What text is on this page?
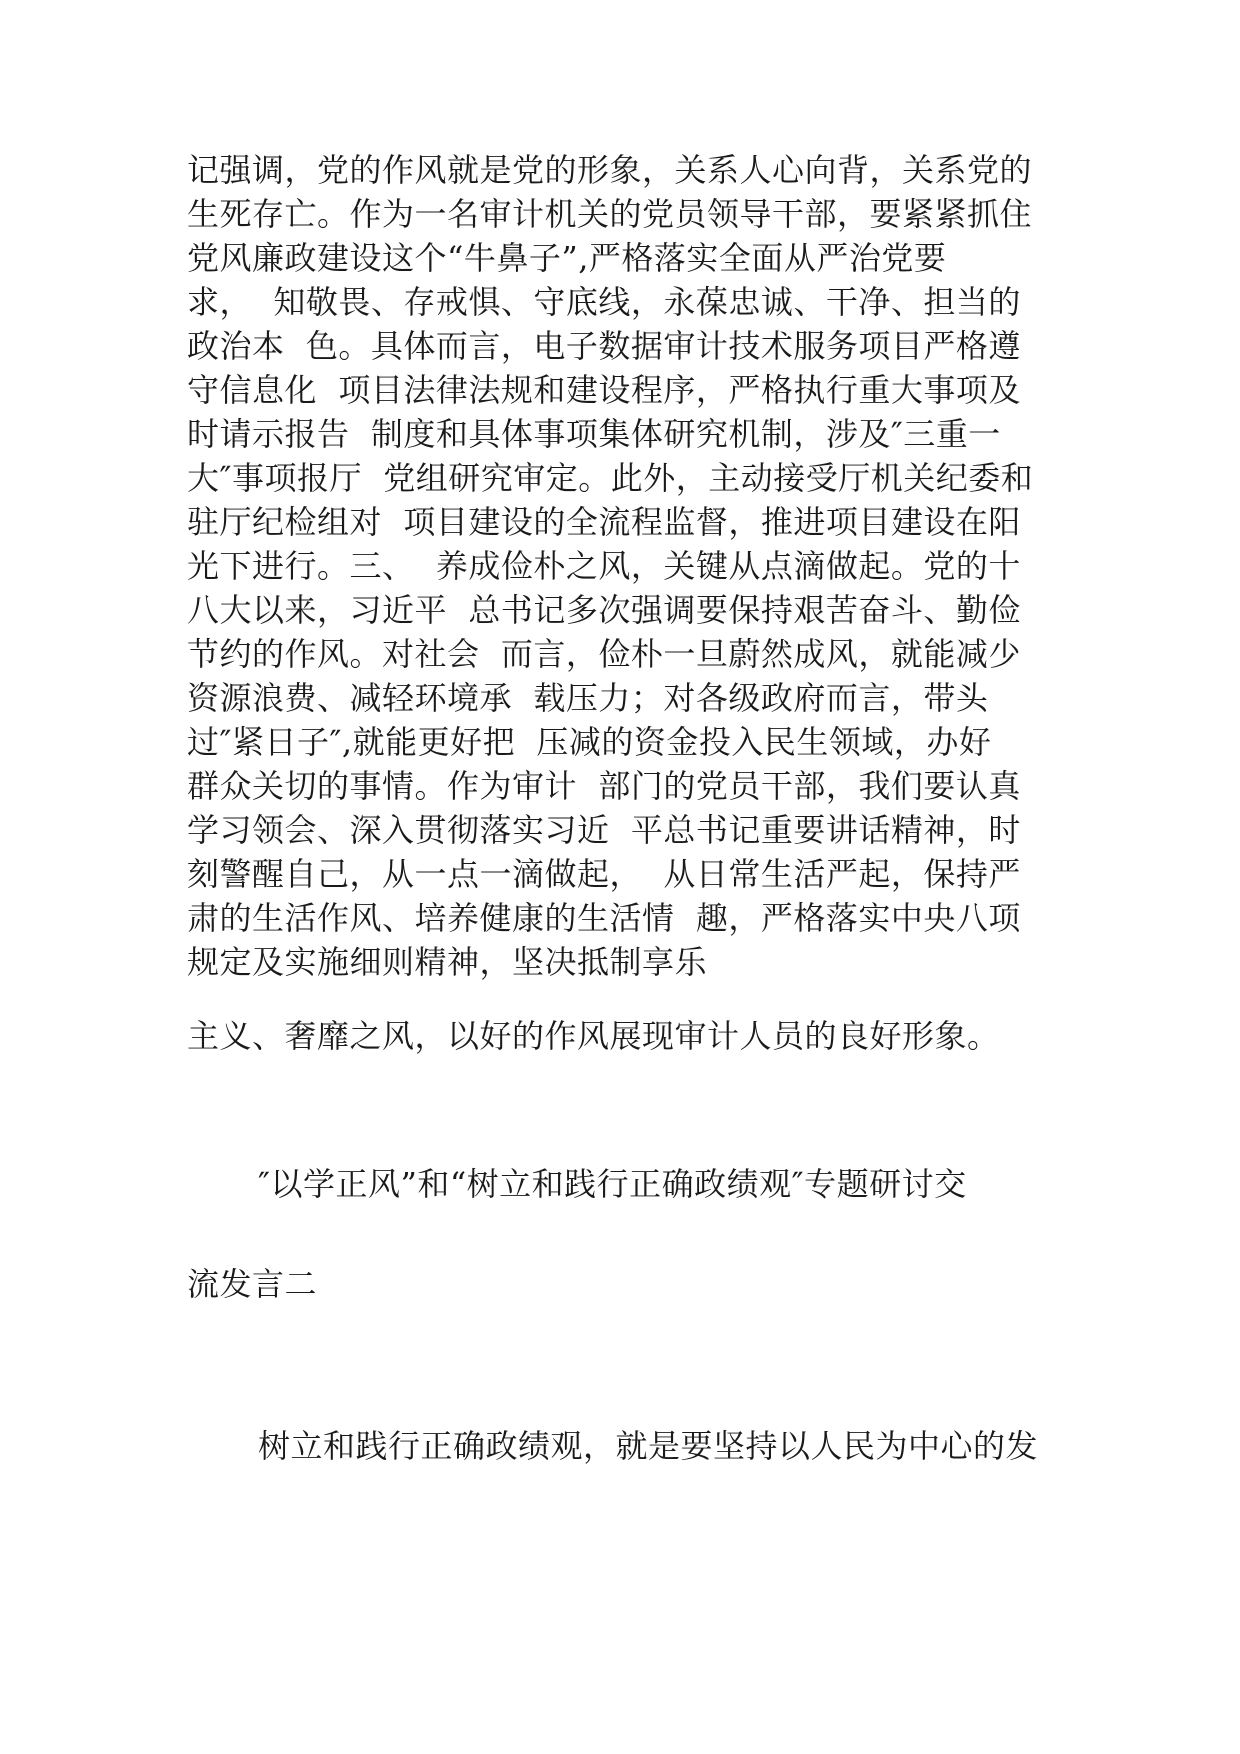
记强调，党的作风就是党的形象，关系人心向背，关系党的
生死存亡。作为一名审计机关的党员领导干部，要紧紧抓住
党风廉政建设这个“牛鼻子”,严格落实全面从严治党要
求，  知敬畏、存戒惧、守底线，永葆忠诚、干净、担当的
政治本  色。具体而言，电子数据审计技术服务项目严格遵
守信息化  项目法律法规和建设程序，严格执行重大事项及
时请示报告  制度和具体事项集体研究机制，涉及″三重一
大″事项报厅  党组研究审定。此外，主动接受厅机关纪委和
驻厅纪检组对  项目建设的全流程监督，推进项目建设在阳
光下进行。三、  养成俭朴之风，关键从点滴做起。党的十
八大以来，习近平  总书记多次强调要保持艰苦奋斗、勤俭
节约的作风。对社会  而言，俭朴一旦蔚然成风，就能减少
资源浪费、减轻环境承  载压力；对各级政府而言，带头
过″紧日子″,就能更好把  压减的资金投入民生领域，办好
群众关切的事情。作为审计  部门的党员干部，我们要认真
学习领会、深入贯彻落实习近  平总书记重要讲话精神，时
刻警醒自己，从一点一滴做起，  从日常生活严起，保持严
肃的生活作风、培养健康的生活情  趣，严格落实中央八项
规定及实施细则精神，坚决抵制享乐
主义、奢靡之风，以好的作风展现审计人员的良好形象。
″以学正风”和“树立和践行正确政绩观″专题研讨交
流发言二
树立和践行正确政绩观，就是要坚持以人民为中心的发
